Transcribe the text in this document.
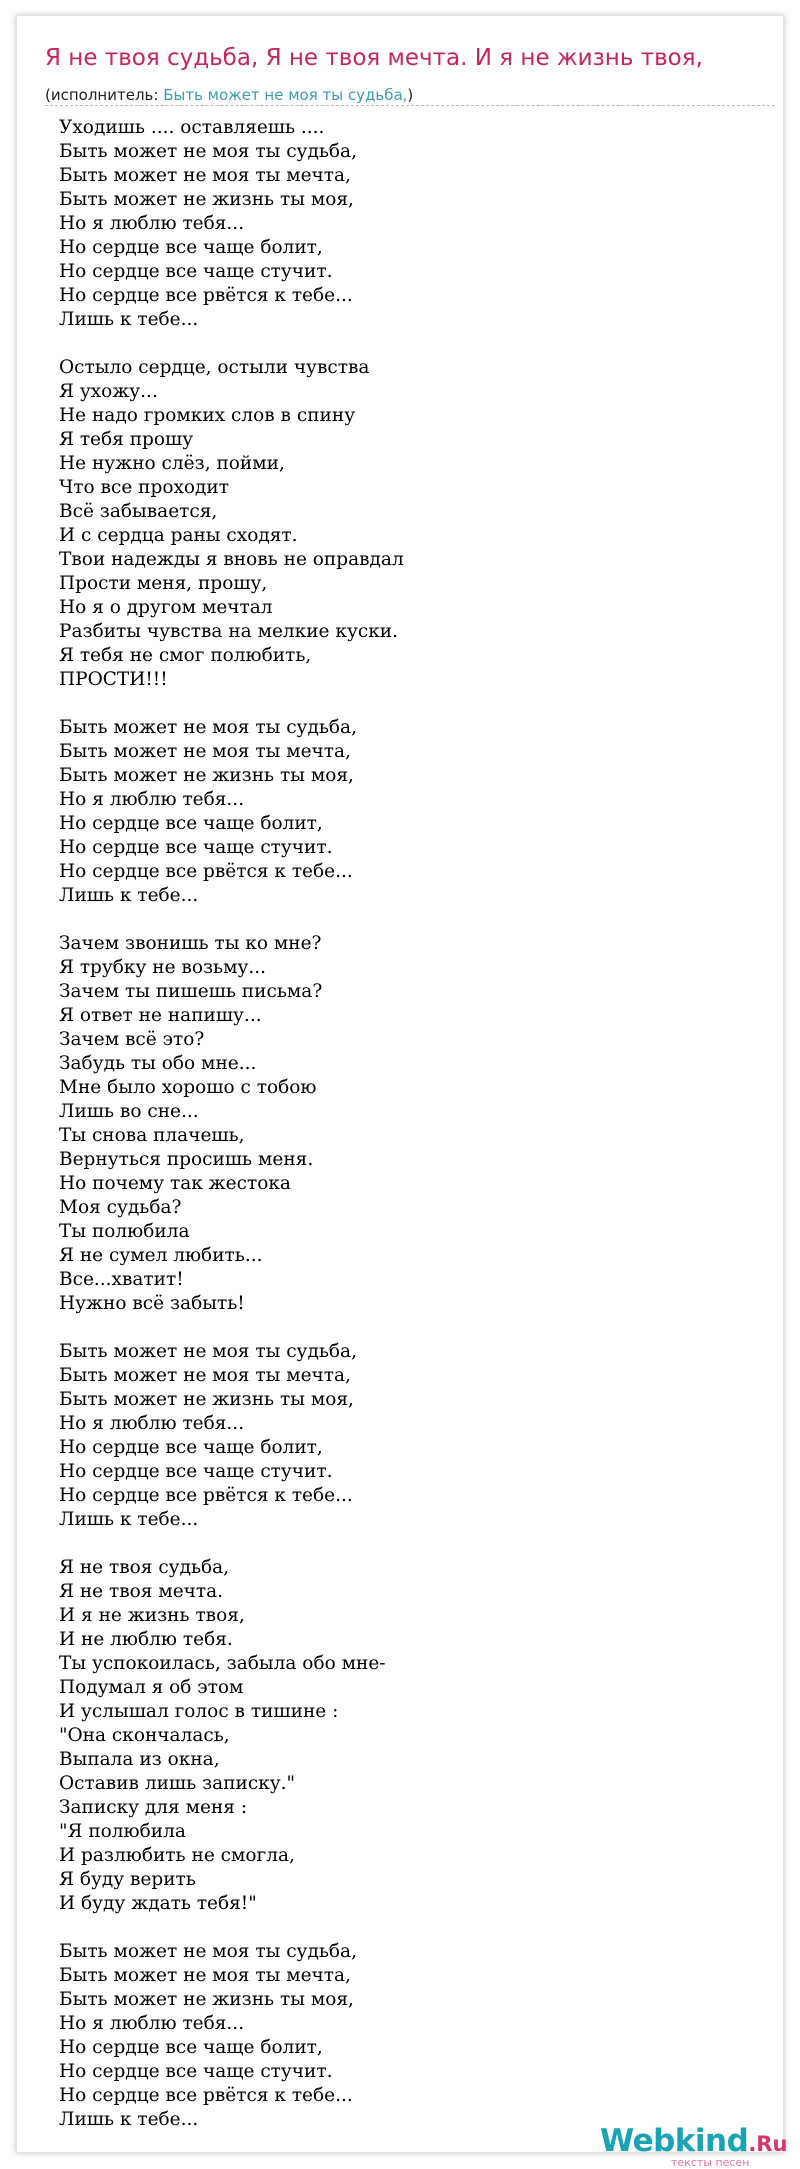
Я не твоя судьба, Я не твоя мечта. И я не жизнь твоя,
(исполнитель: Быть может не моя ты судьба,)
Уходишь .... оставляешь ....
Быть может не моя ты судьба,
Быть может не моя ты мечта,
Быть может не жизнь ты моя,
Но я люблю тебя...
Но сердце все чаще болит,
Но сердце все чаще стучит.
Но сердце все рвётся к тебе...
Лишь к тебе...
Остыло сердце, остыли чувства
Я ухожу...
Не надо громких слов в спину
Я тебя прошу
Не нужно слёз, пойми,
Что все проходит
Всё забывается,
И с сердца раны сходят.
Твои надежды я вновь не оправдал
Прости меня, прошу,
Но я о другом мечтал
Разбиты чувства на мелкие куски.
Я тебя не смог полюбить,
ПРОСТИ!!!
Быть может не моя ты судьба,
Быть может не моя ты мечта,
Быть может не жизнь ты моя,
Но я люблю тебя...
Но сердце все чаще болит,
Но сердце все чаще стучит.
Но сердце все рвётся к тебе...
Лишь к тебе...
Зачем звонишь ты ко мне?
Я трубку не возьму...
Зачем ты пишешь письма?
Я ответ не напишу...
Зачем всё это?
Забудь ты обо мне...
Мне было хорошо с тобою
Лишь во сне...
Ты снова плачешь,
Вернуться просишь меня.
Но почему так жестока
Моя судьба?
Ты полюбила
Я не сумел любить...
Все...хватит!
Нужно всё забыть!
Быть может не моя ты судьба,
Быть может не моя ты мечта,
Быть может не жизнь ты моя,
Но я люблю тебя...
Но сердце все чаще болит,
Но сердце все чаще стучит.
Но сердце все рвётся к тебе...
Лишь к тебе...
Я не твоя судьба,
Я не твоя мечта.
И я не жизнь твоя,
И не люблю тебя.
Ты успокоилась, забыла обо мне-
Подумал я об этом
И услышал голос в тишине :
"Она скончалась,
Выпала из окна,
Оставив лишь записку."
Записку для меня :
"Я полюбила
И разлюбить не смогла,
Я буду верить
И буду ждать тебя!"
Быть может не моя ты судьба,
Быть может не моя ты мечта,
Быть может не жизнь ты моя,
Но я люблю тебя...
Но сердце все чаще болит,
Но сердце все чаще стучит.
Но сердце все рвётся к тебе...
Лишь к тебе...
Webkind.Ru
тексты песен
